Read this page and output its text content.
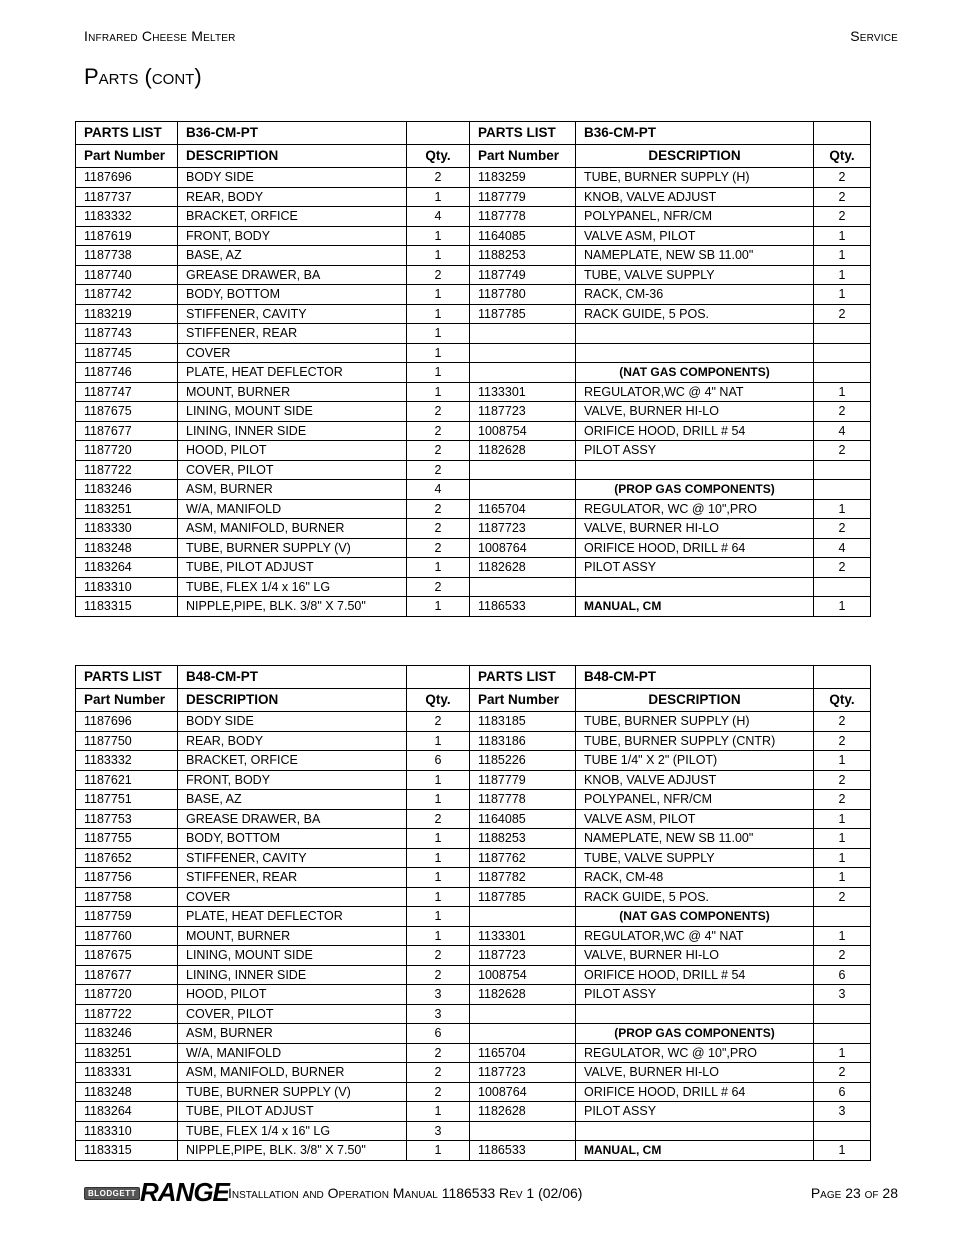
Infrared Cheese Melter	Service
Parts (cont)
PARTS LIST	B36-CM-PT		PARTS LIST	B36-CM-PT	
Part Number	DESCRIPTION	Qty.	Part Number	DESCRIPTION	Qty.
1187696	BODY SIDE	2	1183259	TUBE, BURNER SUPPLY (H)	2
1187737	REAR, BODY	1	1187779	KNOB, VALVE ADJUST	2
1183332	BRACKET, ORFICE	4	1187778	POLYPANEL, NFR/CM	2
1187619	FRONT, BODY	1	1164085	VALVE ASM, PILOT	1
1187738	BASE, AZ	1	1188253	NAMEPLATE, NEW SB 11.00"	1
1187740	GREASE DRAWER, BA	2	1187749	TUBE, VALVE SUPPLY	1
1187742	BODY, BOTTOM	1	1187780	RACK, CM-36	1
1183219	STIFFENER, CAVITY	1	1187785	RACK GUIDE, 5 POS.	2
1187743	STIFFENER, REAR	1			
1187745	COVER	1			
1187746	PLATE, HEAT DEFLECTOR	1		(NAT GAS COMPONENTS)	
1187747	MOUNT, BURNER	1	1133301	REGULATOR,WC @ 4" NAT	1
1187675	LINING, MOUNT SIDE	2	1187723	VALVE, BURNER HI-LO	2
1187677	LINING, INNER SIDE	2	1008754	ORIFICE HOOD, DRILL # 54	4
1187720	HOOD, PILOT	2	1182628	PILOT ASSY	2
1187722	COVER, PILOT	2			
1183246	ASM, BURNER	4		(PROP GAS COMPONENTS)	
1183251	W/A, MANIFOLD	2	1165704	REGULATOR, WC @ 10",PRO	1
1183330	ASM, MANIFOLD, BURNER	2	1187723	VALVE, BURNER HI-LO	2
1183248	TUBE, BURNER SUPPLY (V)	2	1008764	ORIFICE HOOD, DRILL # 64	4
1183264	TUBE, PILOT ADJUST	1	1182628	PILOT ASSY	2
1183310	TUBE, FLEX 1/4 x 16" LG	2			
1183315	NIPPLE,PIPE, BLK. 3/8" X 7.50"	1	1186533	MANUAL, CM	1
PARTS LIST	B48-CM-PT		PARTS LIST	B48-CM-PT	
Part Number	DESCRIPTION	Qty.	Part Number	DESCRIPTION	Qty.
1187696	BODY SIDE	2	1183185	TUBE, BURNER SUPPLY (H)	2
1187750	REAR, BODY	1	1183186	TUBE, BURNER SUPPLY (CNTR)	2
1183332	BRACKET, ORFICE	6	1185226	TUBE 1/4" X 2" (PILOT)	1
1187621	FRONT, BODY	1	1187779	KNOB, VALVE ADJUST	2
1187751	BASE, AZ	1	1187778	POLYPANEL, NFR/CM	2
1187753	GREASE DRAWER, BA	2	1164085	VALVE ASM, PILOT	1
1187755	BODY, BOTTOM	1	1188253	NAMEPLATE, NEW SB 11.00"	1
1187652	STIFFENER, CAVITY	1	1187762	TUBE, VALVE SUPPLY	1
1187756	STIFFENER, REAR	1	1187782	RACK, CM-48	1
1187758	COVER	1	1187785	RACK GUIDE, 5 POS.	2
1187759	PLATE, HEAT DEFLECTOR	1		(NAT GAS COMPONENTS)	
1187760	MOUNT, BURNER	1	1133301	REGULATOR,WC @ 4" NAT	1
1187675	LINING, MOUNT SIDE	2	1187723	VALVE, BURNER HI-LO	2
1187677	LINING, INNER SIDE	2	1008754	ORIFICE HOOD, DRILL # 54	6
1187720	HOOD, PILOT	3	1182628	PILOT ASSY	3
1187722	COVER, PILOT	3			
1183246	ASM, BURNER	6		(PROP GAS COMPONENTS)	
1183251	W/A, MANIFOLD	2	1165704	REGULATOR, WC @ 10",PRO	1
1183331	ASM, MANIFOLD, BURNER	2	1187723	VALVE, BURNER HI-LO	2
1183248	TUBE, BURNER SUPPLY (V)	2	1008764	ORIFICE HOOD, DRILL # 64	6
1183264	TUBE, PILOT ADJUST	1	1182628	PILOT ASSY	3
1183310	TUBE, FLEX 1/4 x 16" LG	3			
1183315	NIPPLE,PIPE, BLK. 3/8" X 7.50"	1	1186533	MANUAL, CM	1
BLODGETT RANGE Installation and Operation Manual 1186533 Rev 1 (02/06)	Page 23 of 28
